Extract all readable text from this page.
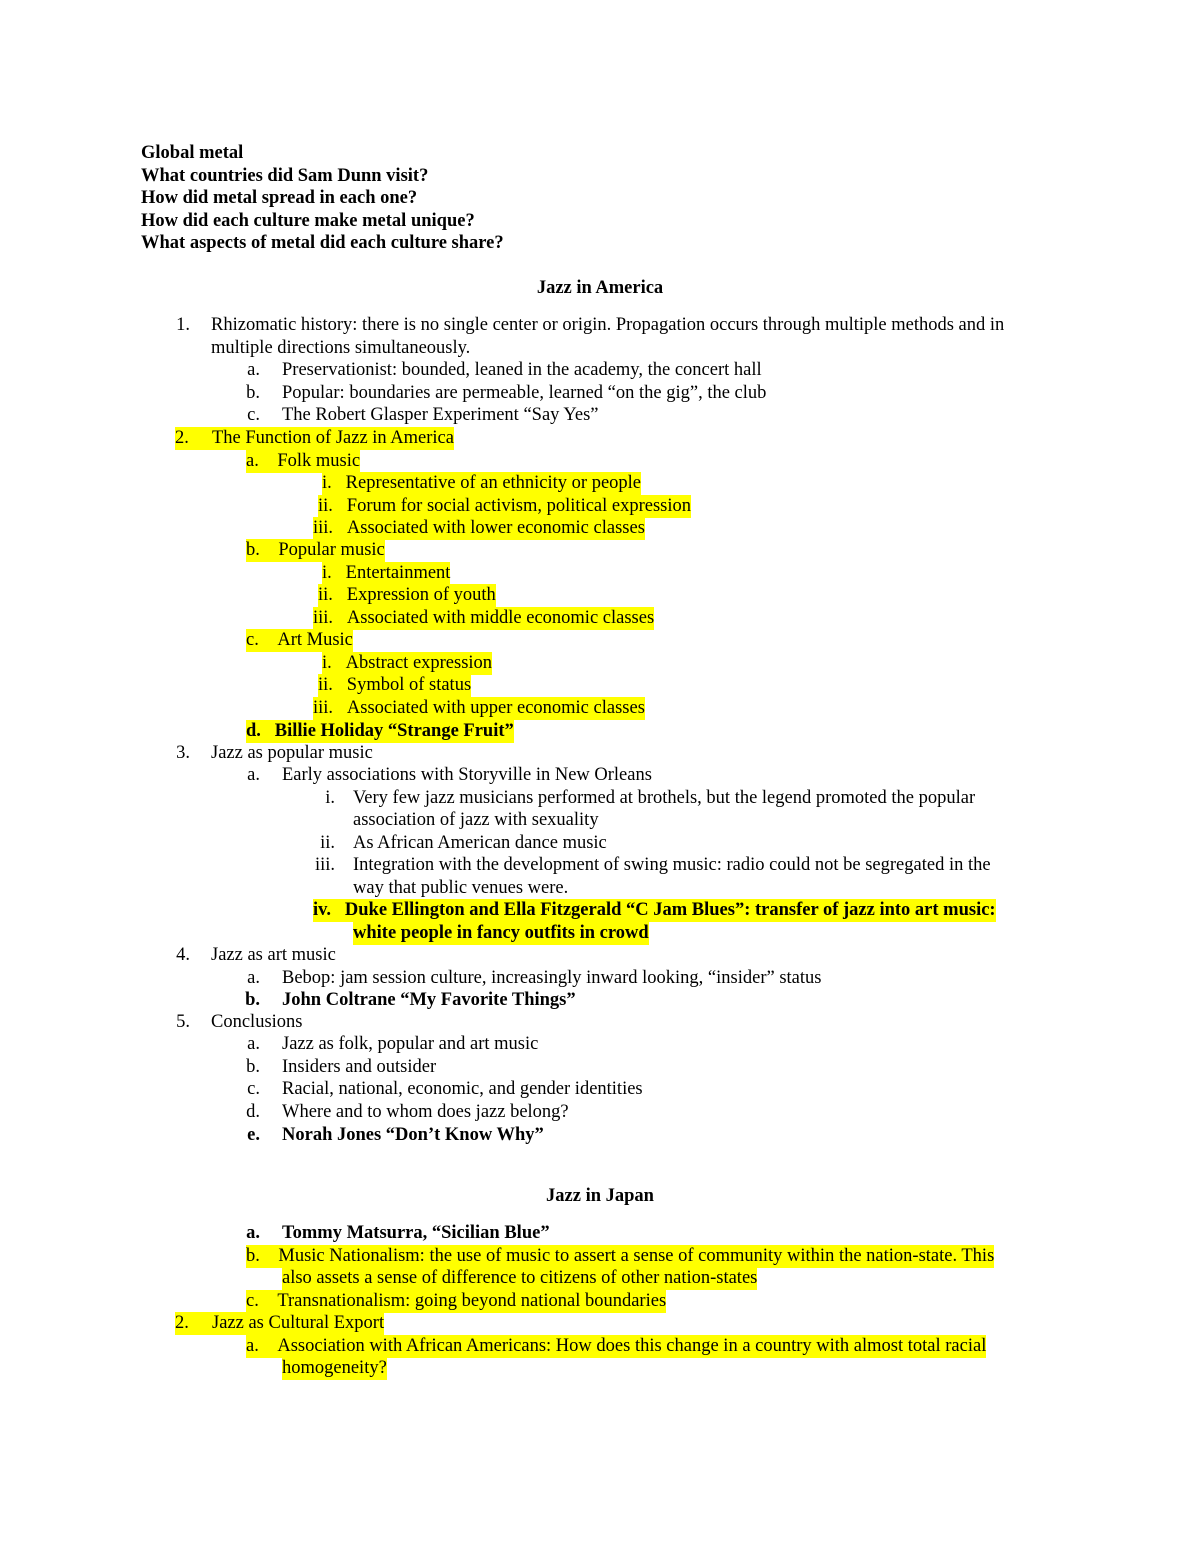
Global metal
What countries did Sam Dunn visit?
How did metal spread in each one?
How did each culture make metal unique?
What aspects of metal did each culture share?
Jazz in America
1. Rhizomatic history: there is no single center or origin. Propagation occurs through multiple methods and in
multiple directions simultaneously.
a. Preservationist: bounded, leaned in the academy, the concert hall
b. Popular: boundaries are permeable, learned “on the gig”, the club
c. The Robert Glasper Experiment “Say Yes”
2. The Function of Jazz in America
a. Folk music
i. Representative of an ethnicity or people
ii. Forum for social activism, political expression
iii. Associated with lower economic classes
b. Popular music
i. Entertainment
ii. Expression of youth
iii. Associated with middle economic classes
c. Art Music
i. Abstract expression
ii. Symbol of status
iii. Associated with upper economic classes
d. Billie Holiday “Strange Fruit”
3. Jazz as popular music
a. Early associations with Storyville in New Orleans
i. Very few jazz musicians performed at brothels, but the legend promoted the popular
association of jazz with sexuality
ii. As African American dance music
iii. Integration with the development of swing music: radio could not be segregated in the
way that public venues were.
iv. Duke Ellington and Ella Fitzgerald “C Jam Blues”: transfer of jazz into art music:
white people in fancy outfits in crowd
4. Jazz as art music
a. Bebop: jam session culture, increasingly inward looking, “insider” status
b. John Coltrane “My Favorite Things”
5. Conclusions
a. Jazz as folk, popular and art music
b. Insiders and outsider
c. Racial, national, economic, and gender identities
d. Where and to whom does jazz belong?
e. Norah Jones “Don’t Know Why”
Jazz in Japan
a. Tommy Matsurra, “Sicilian Blue”
b. Music Nationalism: the use of music to assert a sense of community within the nation-state. This
also assets a sense of difference to citizens of other nation-states
c. Transnationalism: going beyond national boundaries
2. Jazz as Cultural Export
a. Association with African Americans: How does this change in a country with almost total racial
homogeneity?
